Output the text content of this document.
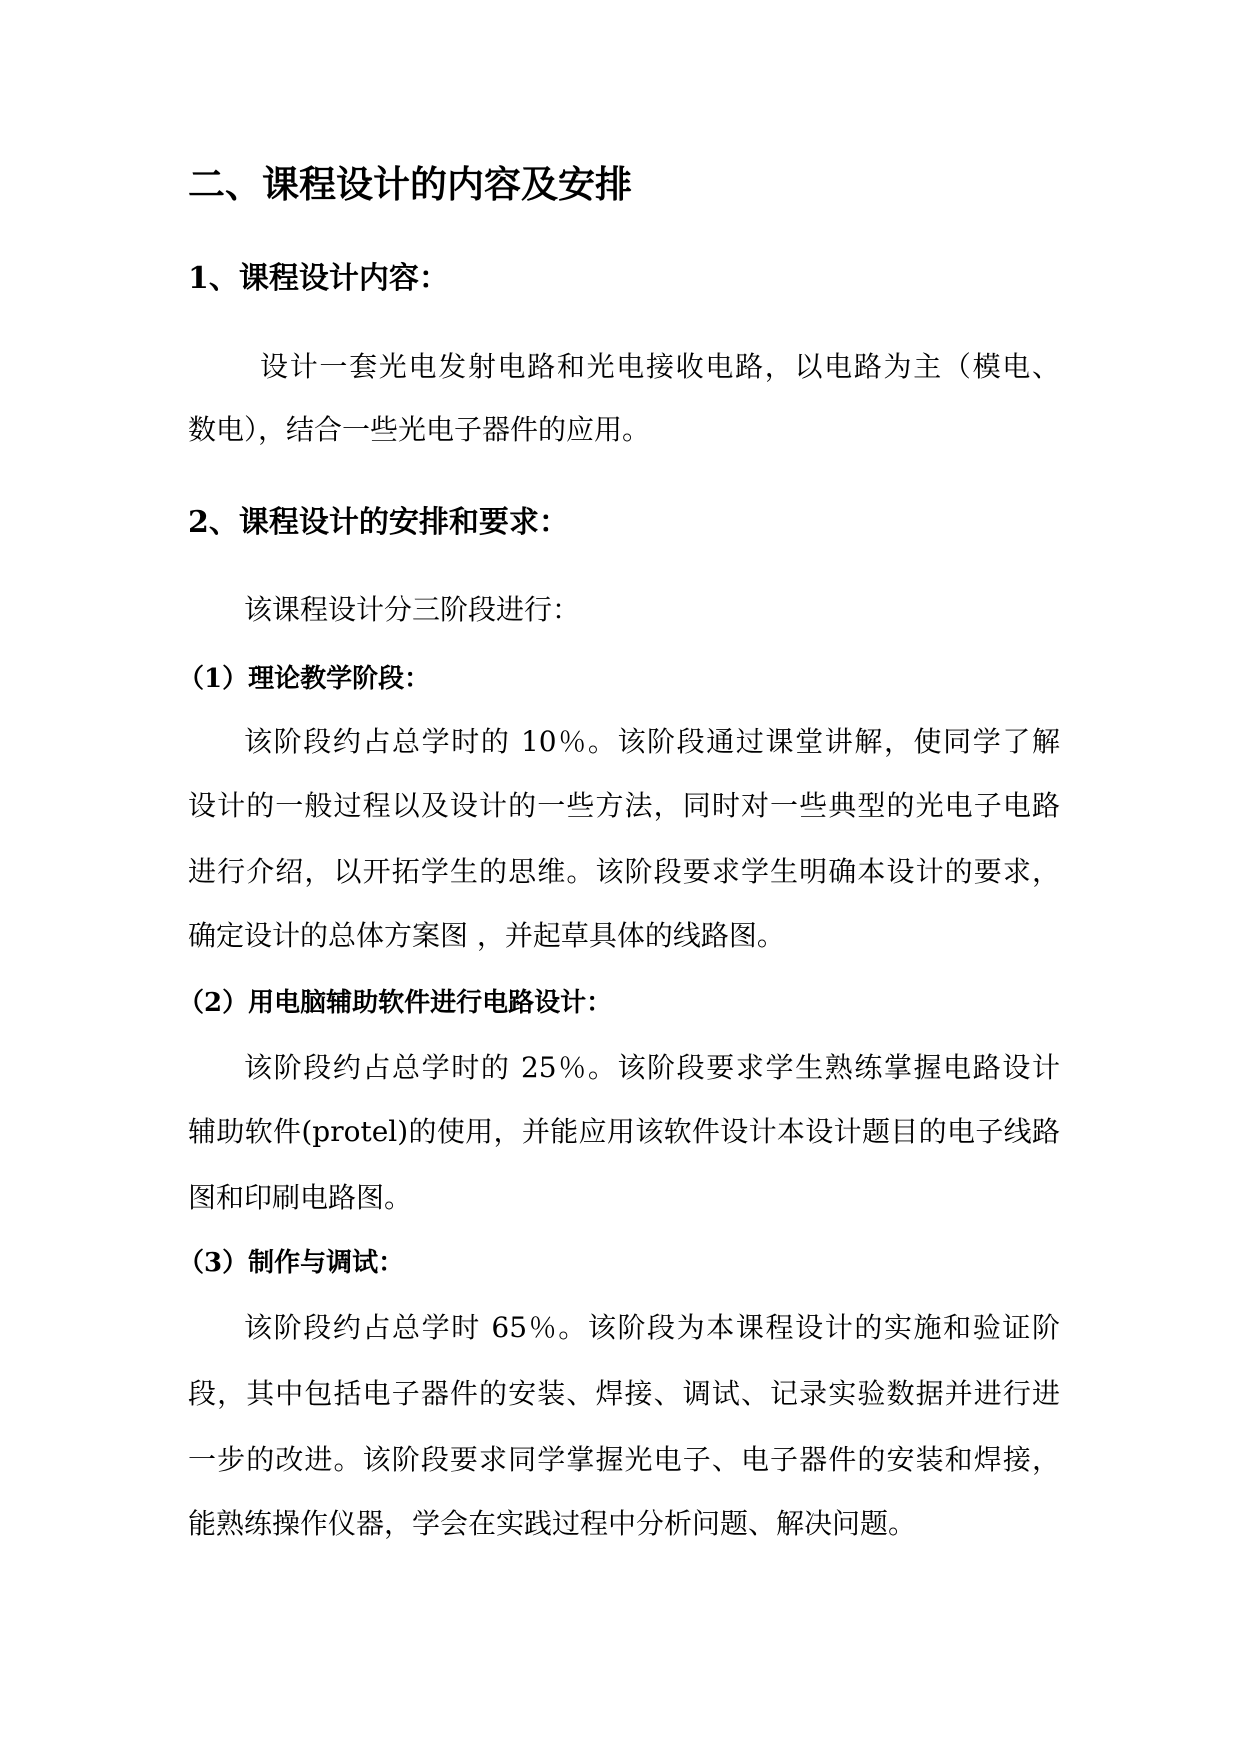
二、课程设计的内容及安排
1、课程设计内容：
设计一套光电发射电路和光电接收电路，以电路为主（模电、
数电），结合一些光电子器件的应用。
2、课程设计的安排和要求：
该课程设计分三阶段进行：
（1）理论教学阶段：
该阶段约占总学时的 10％。该阶段通过课堂讲解，使同学了解
设计的一般过程以及设计的一些方法，同时对一些典型的光电子电路
进行介绍，以开拓学生的思维。该阶段要求学生明确本设计的要求，
确定设计的总体方案图 ，并起草具体的线路图。
（2）用电脑辅助软件进行电路设计：
该阶段约占总学时的 25％。该阶段要求学生熟练掌握电路设计
辅助软件(protel)的使用，并能应用该软件设计本设计题目的电子线路
图和印刷电路图。
（3）制作与调试：
该阶段约占总学时 65％。该阶段为本课程设计的实施和验证阶
段，其中包括电子器件的安装、焊接、调试、记录实验数据并进行进
一步的改进。该阶段要求同学掌握光电子、电子器件的安装和焊接，
能熟练操作仪器，学会在实践过程中分析问题、解决问题。
